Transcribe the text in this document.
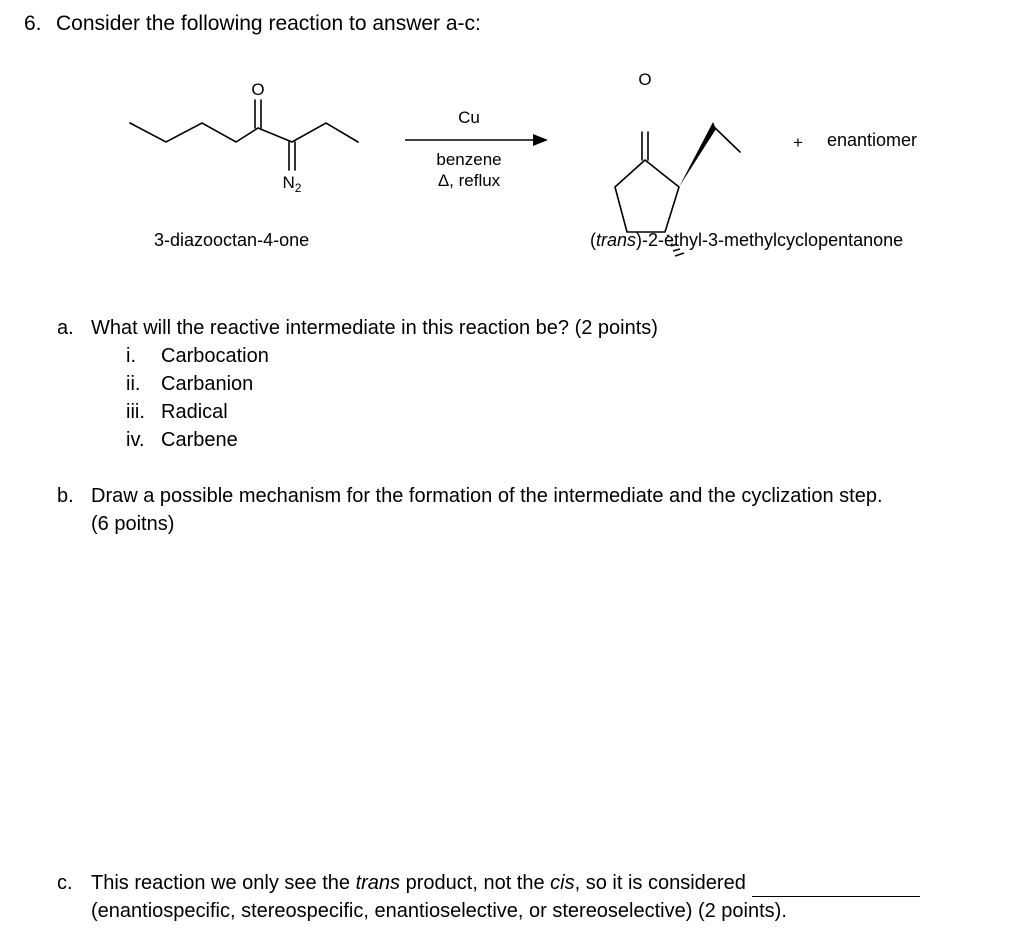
6. Consider the following reaction to answer a-c:
O
$N_2$
Cu
benzene
Δ, reflux
O
+ enantiomer
3-diazooctan-4-one	(trans)-2-ethyl-3-methylcyclopentanone
a. What will the reactive intermediate in this reaction be? (2 points)
i. Carbocation
ii. Carbanion
iii. Radical
iv. Carbene
b. Draw a possible mechanism for the formation of the intermediate and the cyclization step.
(6 poitns)
c. This reaction we only see the trans product, not the cis, so it is considered
(enantiospecific, stereospecific, enantioselective, or stereoselective) (2 points).
